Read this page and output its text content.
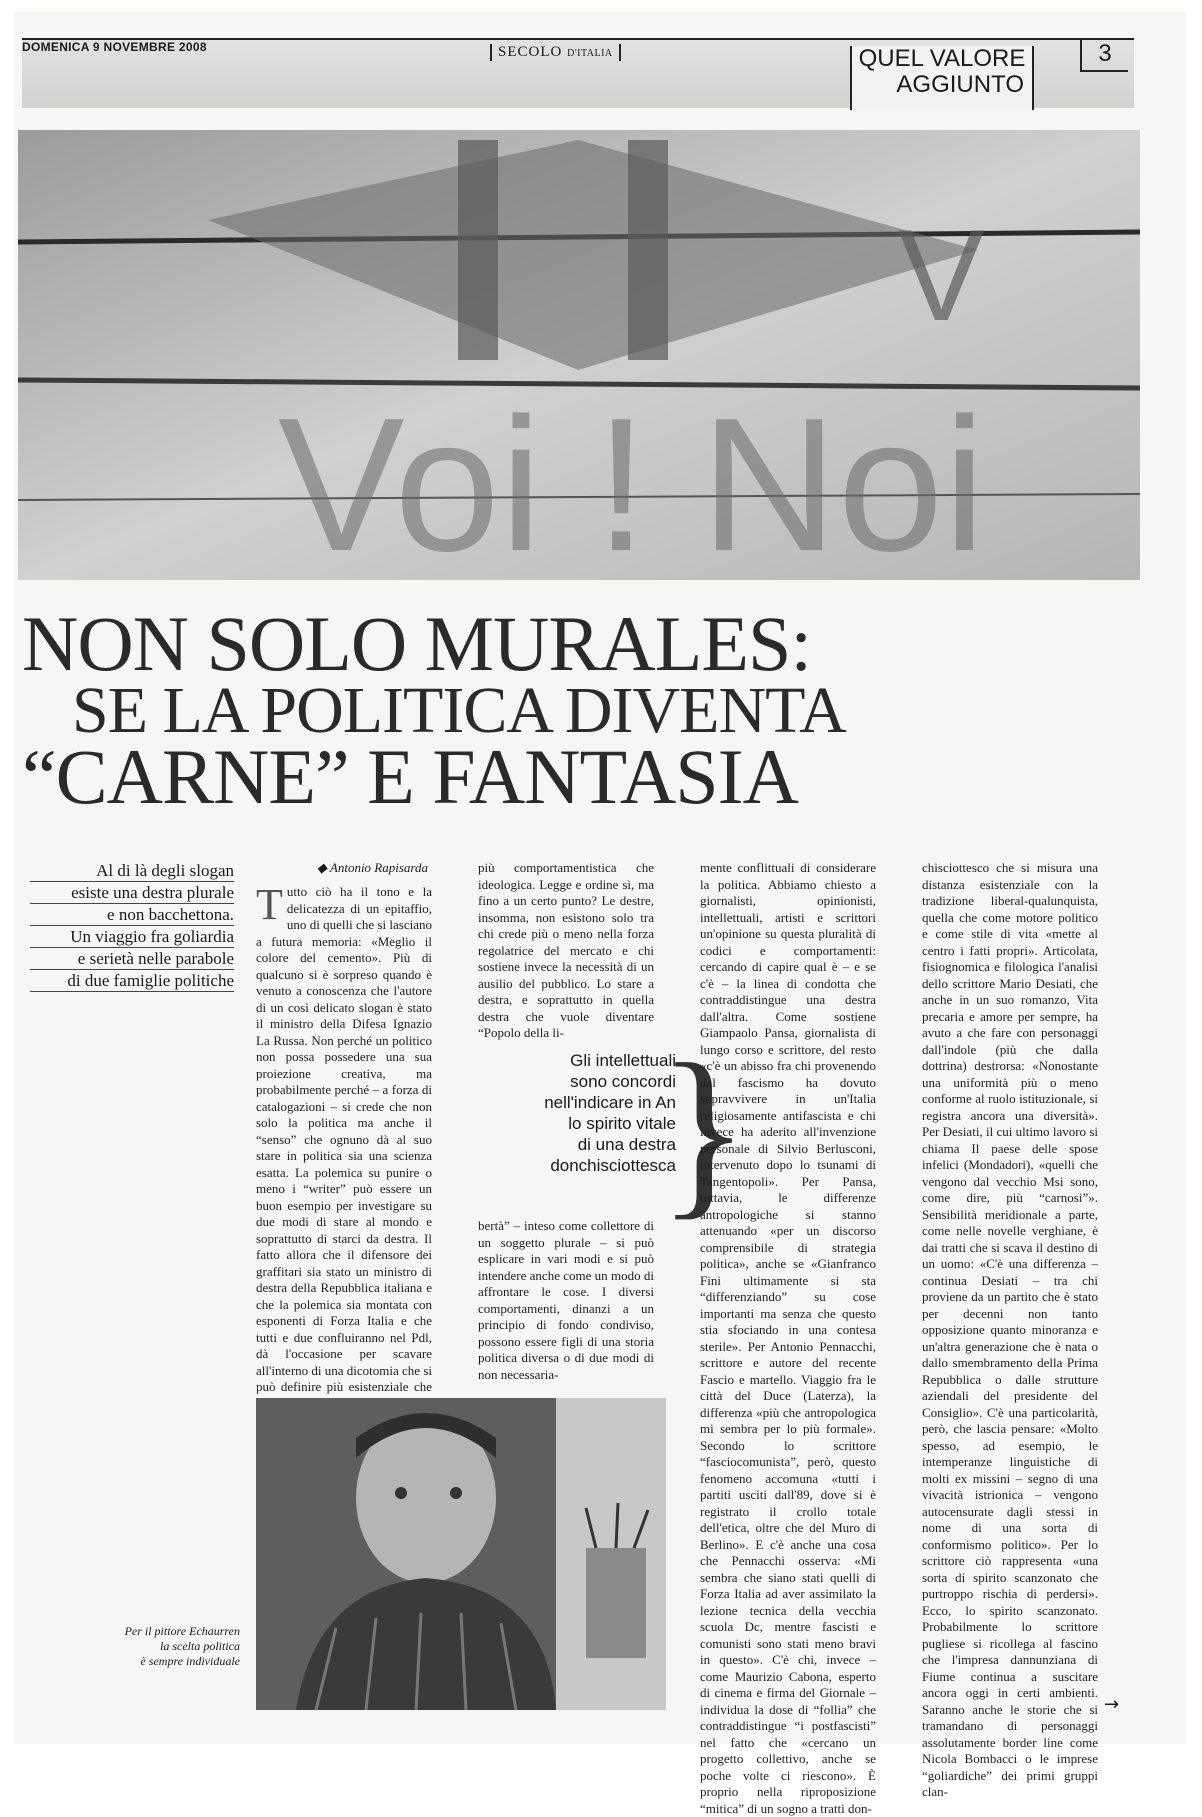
DOMENICA 9 NOVEMBRE 2008	SECOLO D'ITALIA	QUEL VALORE
AGGIUNTO
3
V
Voi ! Noi
NON SOLO MURALES:
SE LA POLITICA DIVENTA
“CARNE” E FANTASIA
Al di là degli slogan
esiste una destra plurale
e non bacchettona.
Un viaggio fra goliardia
e serietà nelle parabole
di due famiglie politiche
◆ Antonio Rapisarda
Tutto ciò ha il tono e la delicatezza di un epitaffio, uno di quelli che si lasciano a futura memoria: «Meglio il colore del cemento». Più di qualcuno si è sorpreso quando è venuto a conoscenza che l'autore di un così delicato slogan è stato il ministro della Difesa Ignazio La Russa. Non perché un politico non possa possedere una sua proiezione creativa, ma probabilmente perché – a forza di catalogazioni – si crede che non solo la politica ma anche il “senso” che ognuno dà al suo stare in politica sia una scienza esatta. La polemica su punire o meno i “writer” può essere un buon esempio per investigare su due modi di stare al mondo e soprattutto di starci da destra. Il fatto allora che il difensore dei graffitari sia stato un ministro di destra della Repubblica italiana e che la polemica sia montata con esponenti di Forza Italia e che tutti e due confluiranno nel Pdl, dà l'occasione per scavare all'interno di una dicotomia che si può definire più esistenziale che
più comportamentistica che ideologica. Legge e ordine sì, ma fino a un certo punto? Le destre, insomma, non esistono solo tra chi crede più o meno nella forza regolatrice del mercato e chi sostiene invece la necessità di un ausilio del pubblico. Lo stare a destra, e soprattutto in quella destra che vuole diventare “Popolo della li-
Gli intellettuali
sono concordi
nell'indicare in An
lo spirito vitale
di una destra
donchisciottesca
}
bertà” – inteso come collettore di un soggetto plurale – si può esplicare in vari modi e si può intendere anche come un modo di affrontare le cose. I diversi comportamenti, dinanzi a un principio di fondo condiviso, possono essere figli di una storia politica diversa o di due modi di non necessaria-
mente conflittuali di considerare la politica. Abbiamo chiesto a giornalisti, opinionisti, intellettuali, artisti e scrittori un'opinione su questa pluralità di codici e comportamenti: cercando di capire qual è – e se c'è – la linea di condotta che contraddistingue una destra dall'altra. Come sostiene Giampaolo Pansa, giornalista di lungo corso e scrittore, del resto «c'è un abisso fra chi provenendo dal fascismo ha dovuto sopravvivere in un'Italia religiosamente antifascista e chi invece ha aderito all'invenzione personale di Silvio Berlusconi, intervenuto dopo lo tsunami di Tangentopoli». Per Pansa, tuttavia, le differenze antropologiche si stanno attenuando «per un discorso comprensibile di strategia politica», anche se «Gianfranco Fini ultimamente si sta “differenziando” su cose importanti ma senza che questo stia sfociando in una contesa sterile». Per Antonio Pennacchi, scrittore e autore del recente Fascio e martello. Viaggio fra le città del Duce (Laterza), la differenza «più che antropologica mi sembra per lo più formale». Secondo lo scrittore “fasciocomunista”, però, questo fenomeno accomuna «tutti i partiti usciti dall'89, dove si è registrato il crollo totale dell'etica, oltre che del Muro di Berlino». E c'è anche una cosa che Pennacchi osserva: «Mi sembra che siano stati quelli di Forza Italia ad aver assimilato la lezione tecnica della vecchia scuola Dc, mentre fascisti e comunisti sono stati meno bravi in questo». C'è chi, invece – come Maurizio Cabona, esperto di cinema e firma del Giornale – individua la dose di “follia” che contraddistingue “i postfascisti” nel fatto che «cercano un progetto collettivo, anche se poche volte ci riescono». È proprio nella riproposizione “mitica” di un sogno a tratti don-
chisciottesco che si misura una distanza esistenziale con la tradizione liberal-qualunquista, quella che come motore politico e come stile di vita «mette al centro i fatti propri». Articolata, fisiognomica e filologica l'analisi dello scrittore Mario Desiati, che anche in un suo romanzo, Vita precaria e amore per sempre, ha avuto a che fare con personaggi dall'indole (più che dalla dottrina) destrorsa: «Nonostante una uniformità più o meno conforme al ruolo istituzionale, si registra ancora una diversità». Per Desiati, il cui ultimo lavoro si chiama Il paese delle spose infelici (Mondadori), «quelli che vengono dal vecchio Msi sono, come dire, più “carnosi”». Sensibilità meridionale a parte, come nelle novelle verghiane, è dai tratti che si scava il destino di un uomo: «C'è una differenza – continua Desiati – tra chi proviene da un partito che è stato per decenni non tanto opposizione quanto minoranza e un'altra generazione che è nata o dallo smembramento della Prima Repubblica o dalle strutture aziendali del presidente del Consiglio». C'è una particolarità, però, che lascia pensare: «Molto spesso, ad esempio, le intemperanze linguistiche di molti ex missini – segno di una vivacità istrionica – vengono autocensurate dagli stessi in nome di una sorta di conformismo politico». Per lo scrittore ciò rappresenta «una sorta di spirito scanzonato che purtroppo rischia di perdersi». Ecco, lo spirito scanzonato. Probabilmente lo scrittore pugliese si ricollega al fascino che l'impresa dannunziana di Fiume continua a suscitare ancora oggi in certi ambienti. Saranno anche le storie che si tramandano di personaggi assolutamente border line come Nicola Bombacci o le imprese “goliardiche” dei primi gruppi clan-
Per il pittore Echaurren
la scelta politica
è sempre individuale
→
